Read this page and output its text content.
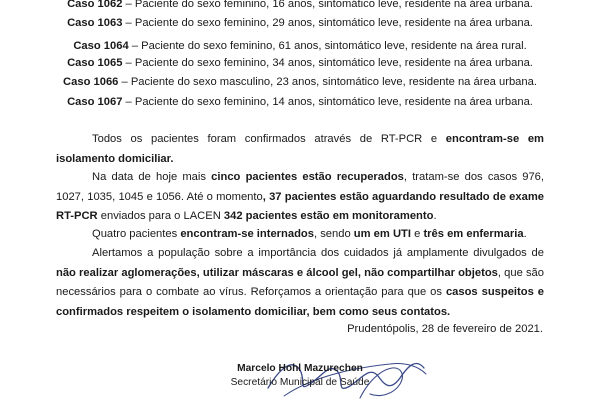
Caso 1062 – Paciente do sexo feminino, 16 anos, sintomático leve, residente na área urbana.
Caso 1063 – Paciente do sexo feminino, 29 anos, sintomático leve, residente na área urbana.
Caso 1064 – Paciente do sexo feminino, 61 anos, sintomático leve, residente na área rural.
Caso 1065 – Paciente do sexo feminino, 34 anos, sintomático leve, residente na área urbana.
Caso 1066 – Paciente do sexo masculino, 23 anos, sintomático leve, residente na área urbana.
Caso 1067 – Paciente do sexo feminino, 14 anos, sintomático leve, residente na área urbana.
Todos os pacientes foram confirmados através de RT-PCR e encontram-se em isolamento domiciliar.
Na data de hoje mais cinco pacientes estão recuperados, tratam-se dos casos 976, 1027, 1035, 1045 e 1056. Até o momento, 37 pacientes estão aguardando resultado de exame RT-PCR enviados para o LACEN 342 pacientes estão em monitoramento.
Quatro pacientes encontram-se internados, sendo um em UTI e três em enfermaria.
Alertamos a população sobre a importância dos cuidados já amplamente divulgados de não realizar aglomerações, utilizar máscaras e álcool gel, não compartilhar objetos, que são necessários para o combate ao vírus. Reforçamos a orientação para que os casos suspeitos e confirmados respeitem o isolamento domiciliar, bem como seus contatos.
Prudentópolis, 28 de fevereiro de 2021.
Marcelo Hohl Mazurechen
Secretário Municipal de Saúde
